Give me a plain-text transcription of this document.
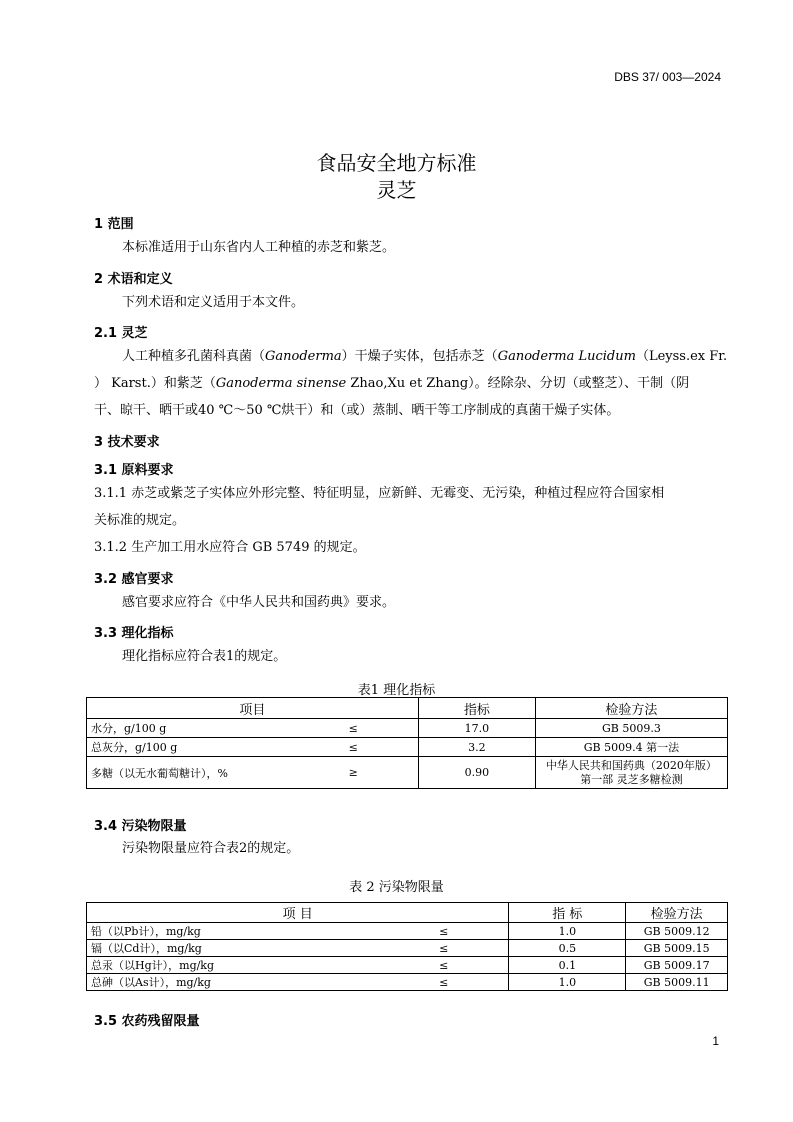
DBS 37/ 003—2024
食品安全地方标准
灵芝
1 范围
本标准适用于山东省内人工种植的赤芝和紫芝。
2 术语和定义
下列术语和定义适用于本文件。
2.1 灵芝
人工种植多孔菌科真菌（Ganoderma）干燥子实体，包括赤芝（Ganoderma Lucidum（Leyss.ex Fr.
） Karst.）和紫芝（Ganoderma sinense Zhao,Xu et Zhang）。经除杂、分切（或整芝）、干制（阴
干、晾干、晒干或40 ℃～50 ℃烘干）和（或）蒸制、晒干等工序制成的真菌干燥子实体。
3 技术要求
3.1 原料要求
3.1.1 赤芝或紫芝子实体应外形完整、特征明显，应新鲜、无霉变、无污染，种植过程应符合国家相
关标准的规定。
3.1.2 生产加工用水应符合 GB 5749 的规定。
3.2 感官要求
感官要求应符合《中华人民共和国药典》要求。
3.3 理化指标
理化指标应符合表1的规定。
表1 理化指标
项目		指标	检验方法
水分，g/100 g	≤	17.0	GB 5009.3
总灰分，g/100 g	≤	3.2	GB 5009.4 第一法
多糖（以无水葡萄糖计），%	≥	0.90	中华人民共和国药典（2020年版）
第一部 灵芝多糖检测
3.4 污染物限量
污染物限量应符合表2的规定。
表 2 污染物限量
项 目		指 标	检验方法
铅（以Pb计），mg/kg	≤	1.0	GB 5009.12
镉（以Cd计），mg/kg	≤	0.5	GB 5009.15
总汞（以Hg计），mg/kg	≤	0.1	GB 5009.17
总砷（以As计），mg/kg	≤	1.0	GB 5009.11
3.5 农药残留限量
1
